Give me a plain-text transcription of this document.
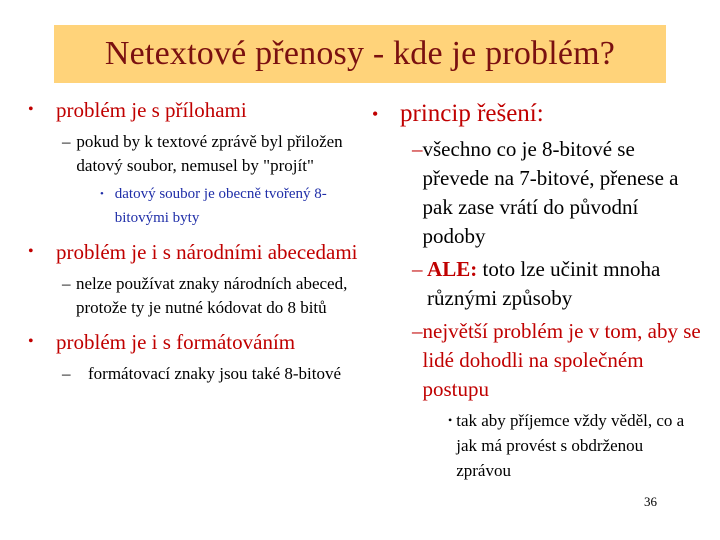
Netextové přenosy - kde je problém?
•	problém je s přílohami
– pokud by k textové zprávě byl přiložen datový soubor, nemusel by "projít"
• datový soubor je obecně tvořený 8-bitovými byty
•	problém je i s národními abecedami
– nelze používat znaky národních abeced, protože ty je nutné kódovat do 8 bitů
•	problém je i s formátováním
–	formátovací znaky jsou také 8-bitové
• princip řešení:
– všechno co je 8-bitové se převede na 7-bitové, přenese a pak zase vrátí do původní podoby
– ALE: toto lze učinit mnoha různými způsoby
– největší problém je v tom, aby se lidé dohodli na společném postupu
• tak aby příjemce vždy věděl, co a jak má provést s obdrženou zprávou
36
